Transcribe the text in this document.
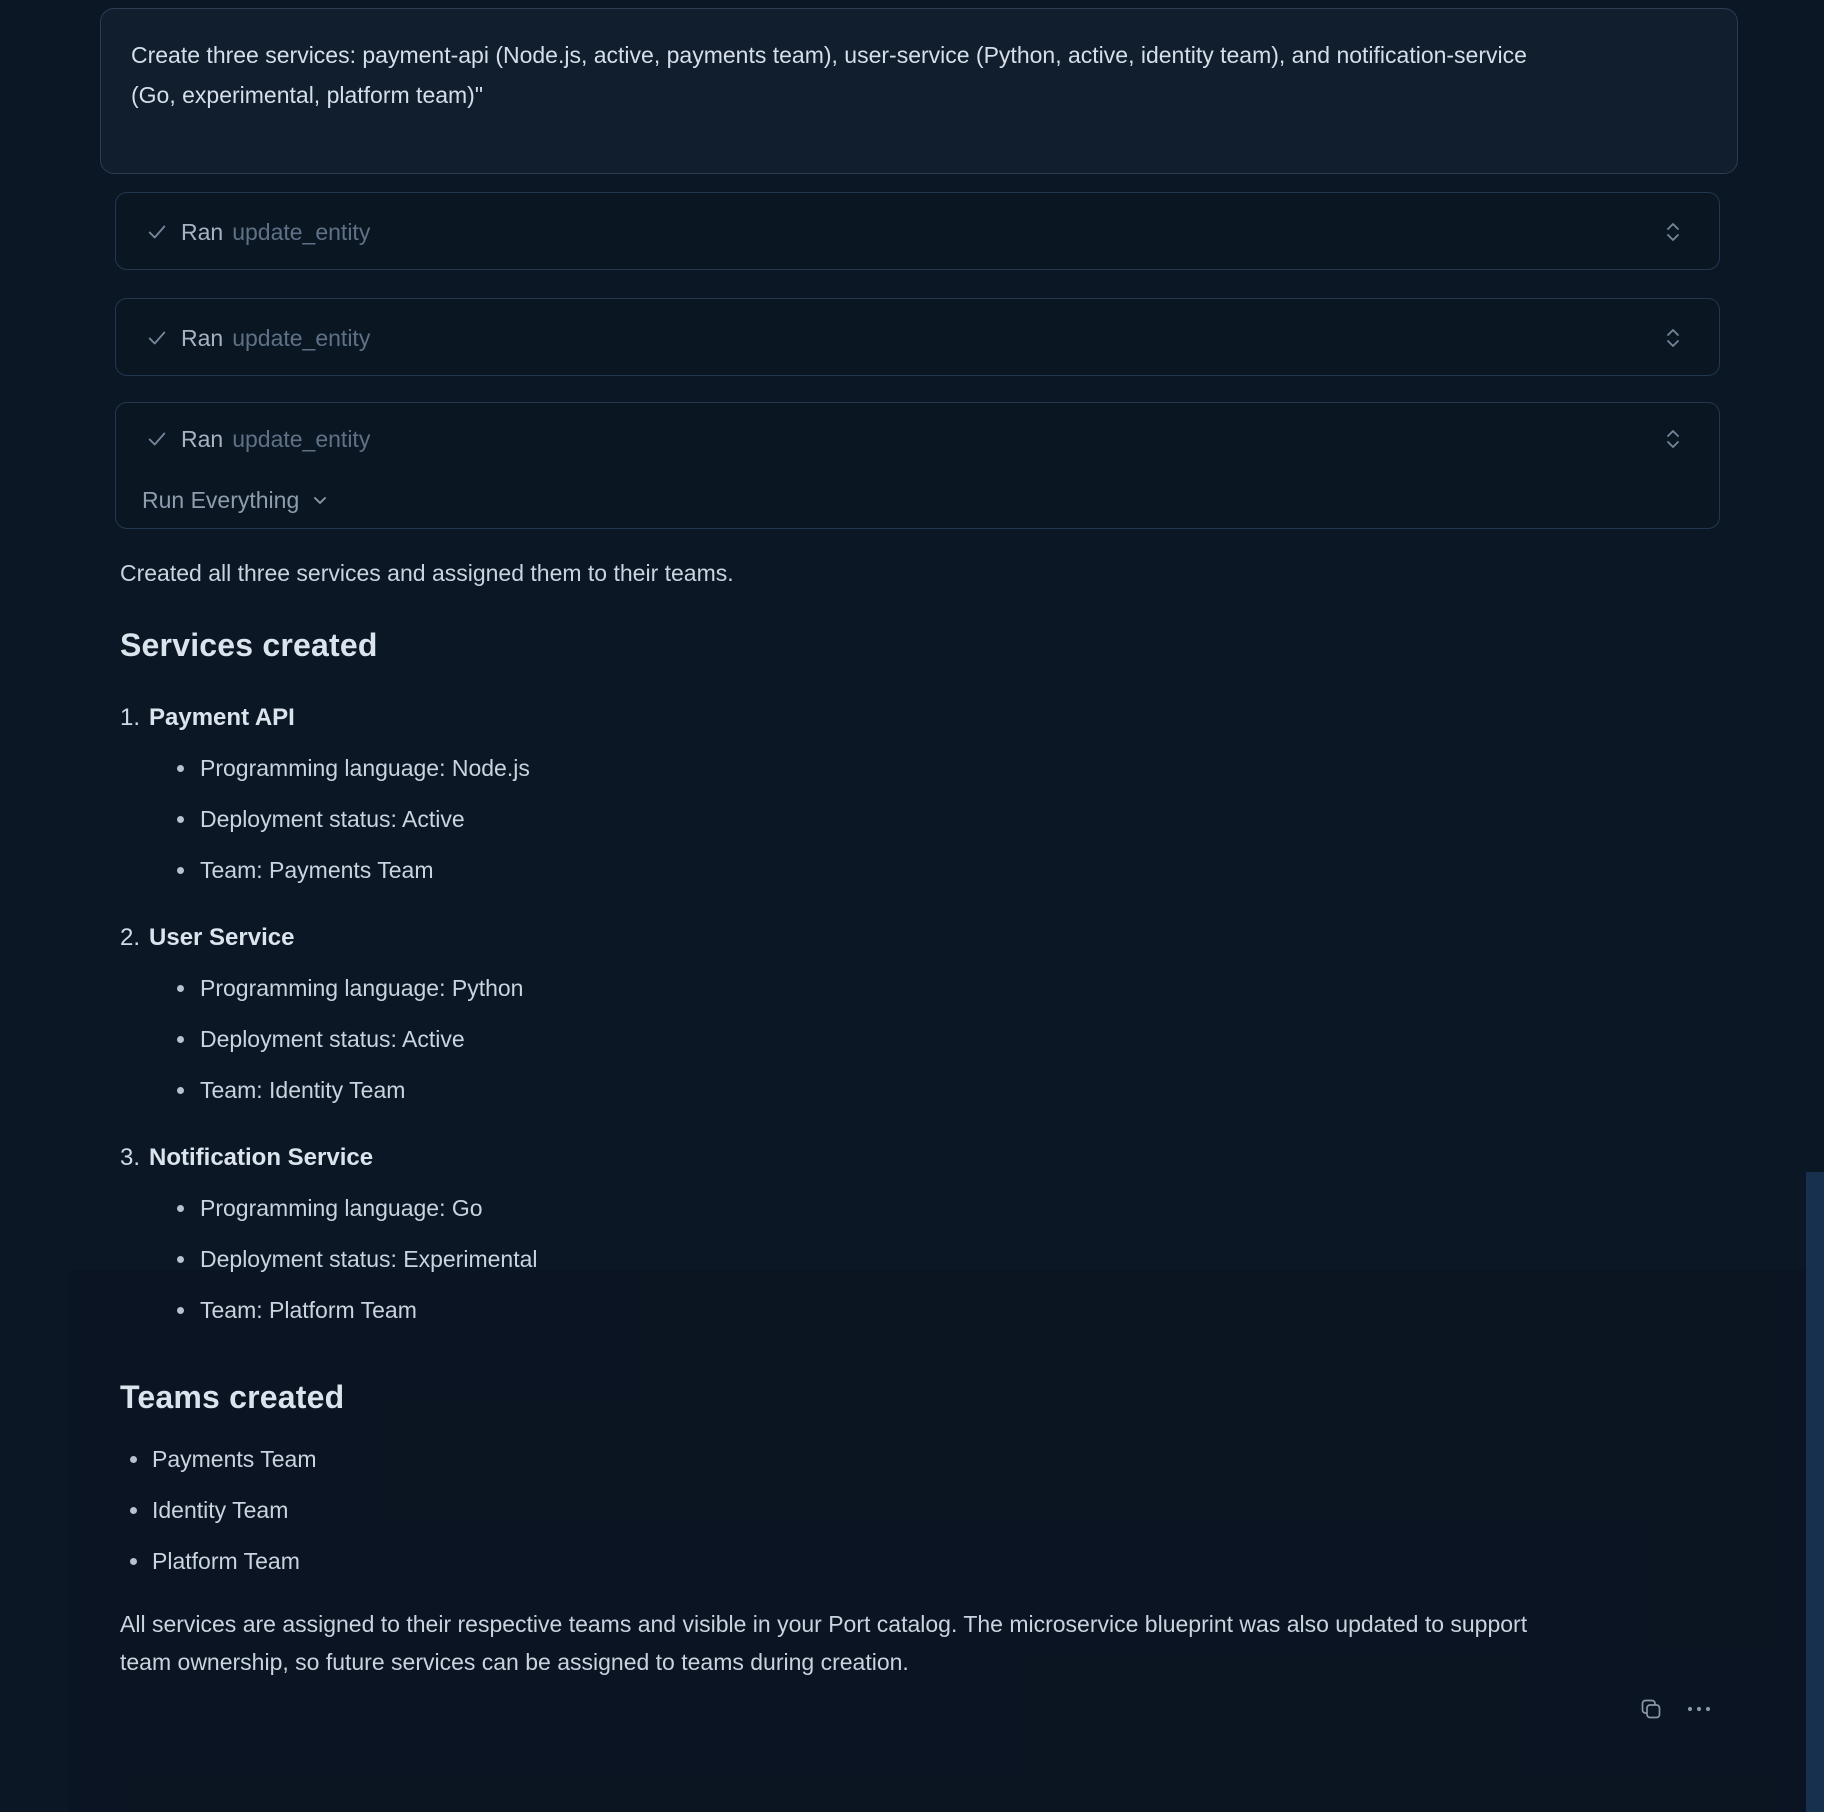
Create three services: payment-api (Node.js, active, payments team), user-service (Python, active, identity team), and notification-service (Go, experimental, platform team)"
Ran update_entity
Ran update_entity
Ran update_entity
Run Everything

Created all three services and assigned them to their teams.

Services created
1. Payment API
Programming language: Node.js
Deployment status: Active
Team: Payments Team
2. User Service
Programming language: Python
Deployment status: Active
Team: Identity Team
3. Notification Service
Programming language: Go
Deployment status: Experimental
Team: Platform Team
Teams created
Payments Team
Identity Team
Platform Team

All services are assigned to their respective teams and visible in your Port catalog. The microservice blueprint was also updated to support team ownership, so future services can be assigned to teams during creation.
